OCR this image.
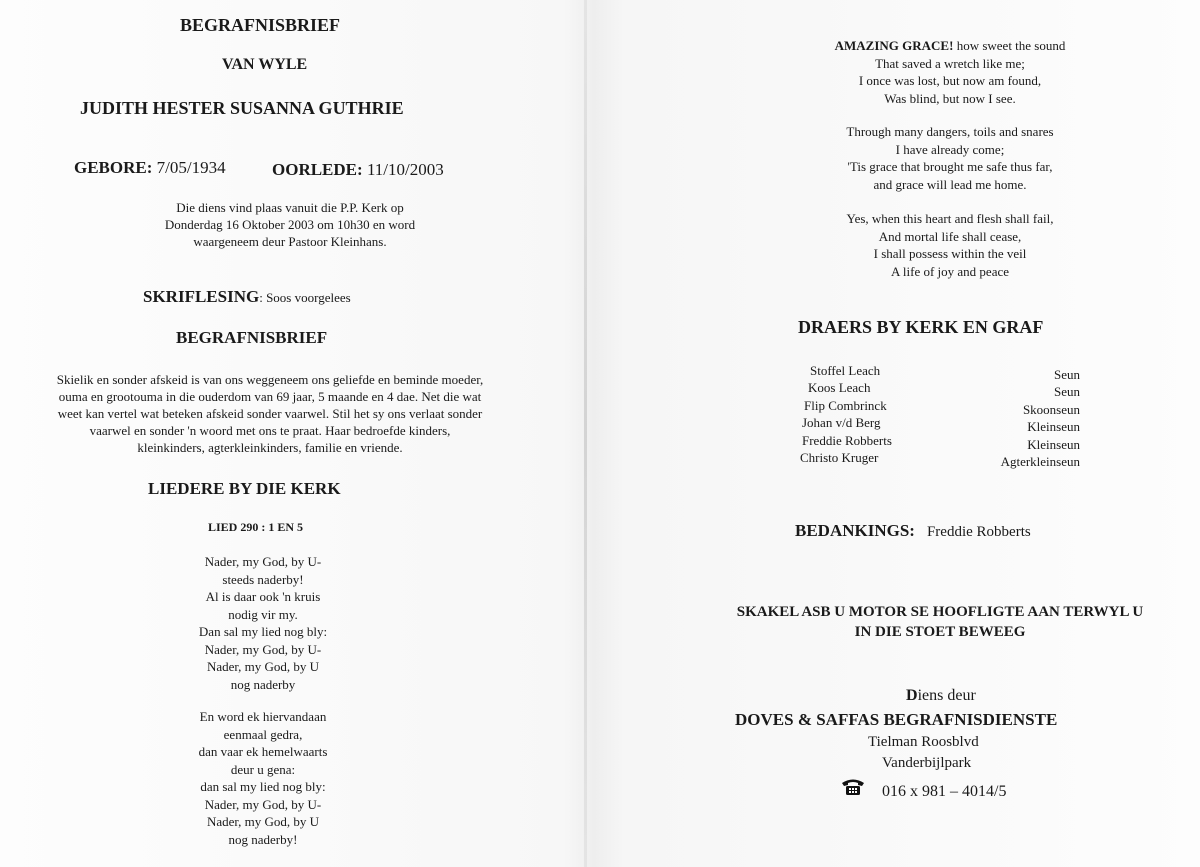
BEGRAFNISBRIEF
VAN WYLE
JUDITH HESTER SUSANNA GUTHRIE
GEBORE: 7/05/1934	OORLEDE: 11/10/2003
Die diens vind plaas vanuit die P.P. Kerk op
Donderdag 16 Oktober 2003 om 10h30 en word
waargeneem deur Pastoor Kleinhans.
SKRIFLESING: Soos voorgelees
BEGRAFNISBRIEF
Skielik en sonder afskeid is van ons weggeneem ons geliefde en beminde moeder,
ouma en grootouma in die ouderdom van 69 jaar, 5 maande en 4 dae. Net die wat
weet kan vertel wat beteken afskeid sonder vaarwel. Stil het sy ons verlaat sonder
vaarwel en sonder 'n woord met ons te praat. Haar bedroefde kinders,
kleinkinders, agterkleinkinders, familie en vriende.
LIEDERE BY DIE KERK
LIED 290 : 1 EN 5
Nader, my God, by U-
steeds naderby!
Al is daar ook 'n kruis
nodig vir my.
Dan sal my lied nog bly:
Nader, my God, by U-
Nader, my God, by U
nog naderby
En word ek hiervandaan
eenmaal gedra,
dan vaar ek hemelwaarts
deur u gena:
dan sal my lied nog bly:
Nader, my God, by U-
Nader, my God, by U
nog naderby!
AMAZING GRACE! how sweet the sound
That saved a wretch like me;
I once was lost, but now am found,
Was blind, but now I see.
Through many dangers, toils and snares
I have already come;
'Tis grace that brought me safe thus far,
and grace will lead me home.
Yes, when this heart and flesh shall fail,
And mortal life shall cease,
I shall possess within the veil
A life of joy and peace
DRAERS BY KERK EN GRAF
Stoffel Leach
Koos Leach
Flip Combrinck
Johan v/d Berg
Freddie Robberts
Christo Kruger
Seun
Seun
Skoonseun
Kleinseun
Kleinseun
Agterkleinseun
BEDANKINGS: Freddie Robberts
SKAKEL ASB U MOTOR SE HOOFLIGTE AAN TERWYL U
IN DIE STOET BEWEEG
Diens deur
DOVES & SAFFAS BEGRAFNISDIENSTE
Tielman Roosblvd
Vanderbijlpark
016 x 981 – 4014/5
